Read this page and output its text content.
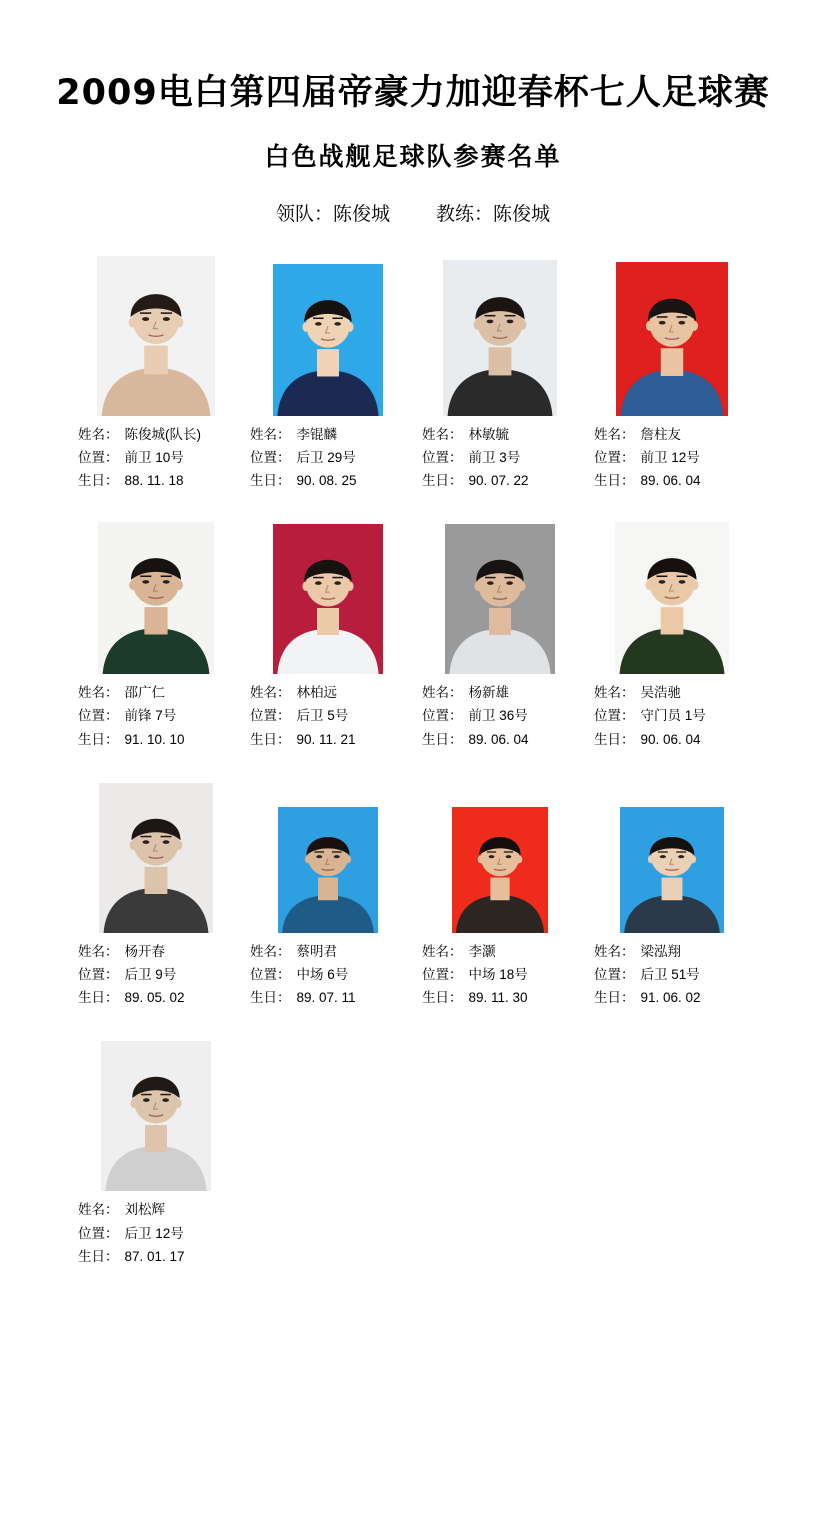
2009电白第四届帝豪力加迎春杯七人足球赛
白色战舰足球队参赛名单
领队：陈俊城 教练：陈俊城
姓名： 陈俊城(队长)
位置： 前卫 10号
生日： 88. 11. 18
姓名： 李锟麟
位置： 后卫 29号
生日： 90. 08. 25
姓名： 林敏毓
位置： 前卫 3号
生日： 90. 07. 22
姓名： 詹柱友
位置： 前卫 12号
生日： 89. 06. 04
姓名： 邵广仁
位置： 前锋 7号
生日： 91. 10. 10
姓名： 林柏远
位置： 后卫 5号
生日： 90. 11. 21
姓名： 杨新雄
位置： 前卫 36号
生日： 89. 06. 04
姓名： 吴浩驰
位置： 守门员 1号
生日： 90. 06. 04
姓名： 杨开春
位置： 后卫 9号
生日： 89. 05. 02
姓名： 蔡明君
位置： 中场 6号
生日： 89. 07. 11
姓名： 李灏
位置： 中场 18号
生日： 89. 11. 30
姓名： 梁泓翔
位置： 后卫 51号
生日： 91. 06. 02
姓名： 刘松辉
位置： 后卫 12号
生日： 87. 01. 17
